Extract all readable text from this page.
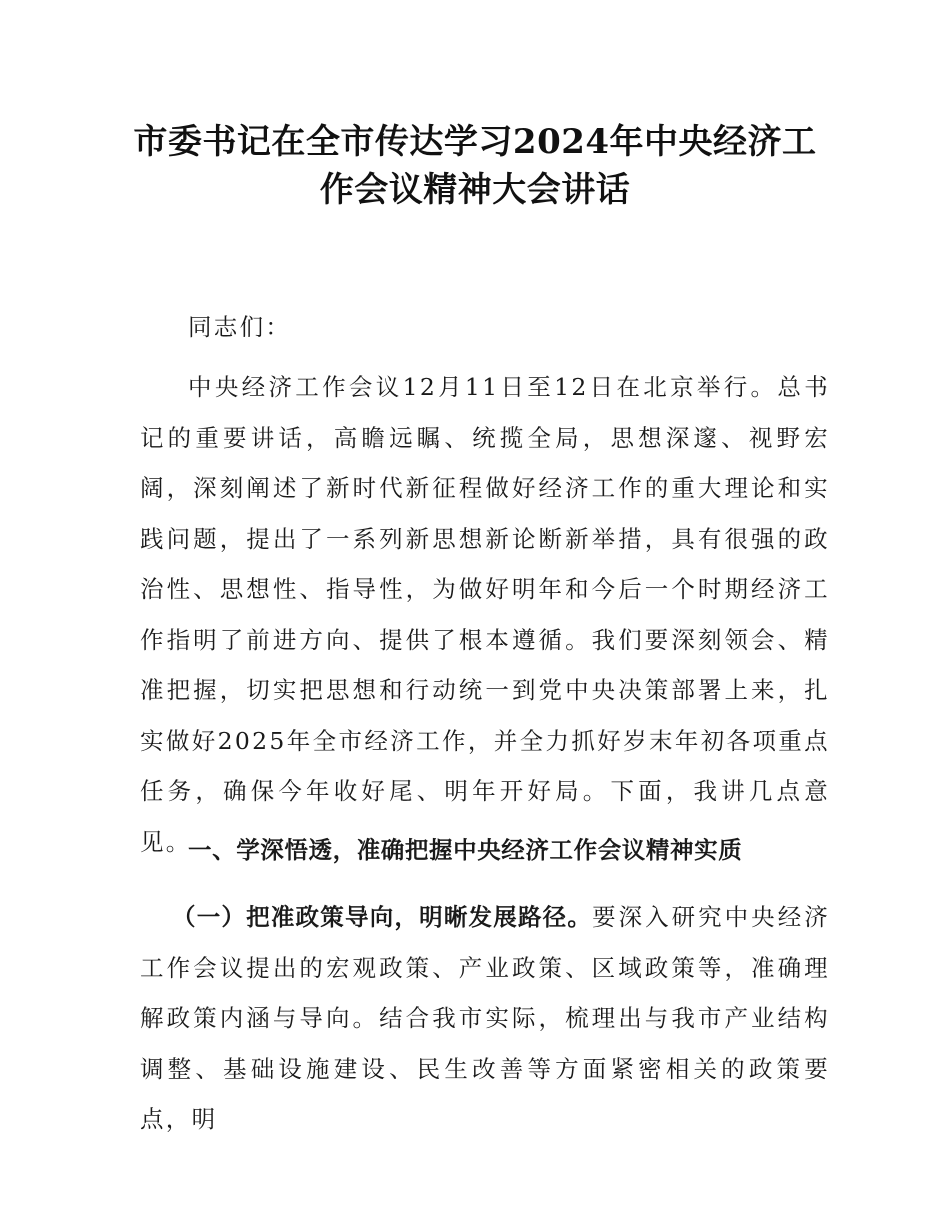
市委书记在全市传达学习2024年中央经济工
作会议精神大会讲话

同志们：

中央经济工作会议12月11日至12日在北京举行。总书记的重要讲话，高瞻远瞩、统揽全局，思想深邃、视野宏阔，深刻阐述了新时代新征程做好经济工作的重大理论和实践问题，提出了一系列新思想新论断新举措，具有很强的政治性、思想性、指导性，为做好明年和今后一个时期经济工作指明了前进方向、提供了根本遵循。我们要深刻领会、精准把握，切实把思想和行动统一到党中央决策部署上来，扎实做好2025年全市经济工作，并全力抓好岁末年初各项重点任务，确保今年收好尾、明年开好局。下面，我讲几点意见。

一、学深悟透，准确把握中央经济工作会议精神实质

（一）把准政策导向，明晰发展路径。要深入研究中央经济工作会议提出的宏观政策、产业政策、区域政策等，准确理解政策内涵与导向。结合我市实际，梳理出与我市产业结构调整、基础设施建设、民生改善等方面紧密相关的政策要点，明
